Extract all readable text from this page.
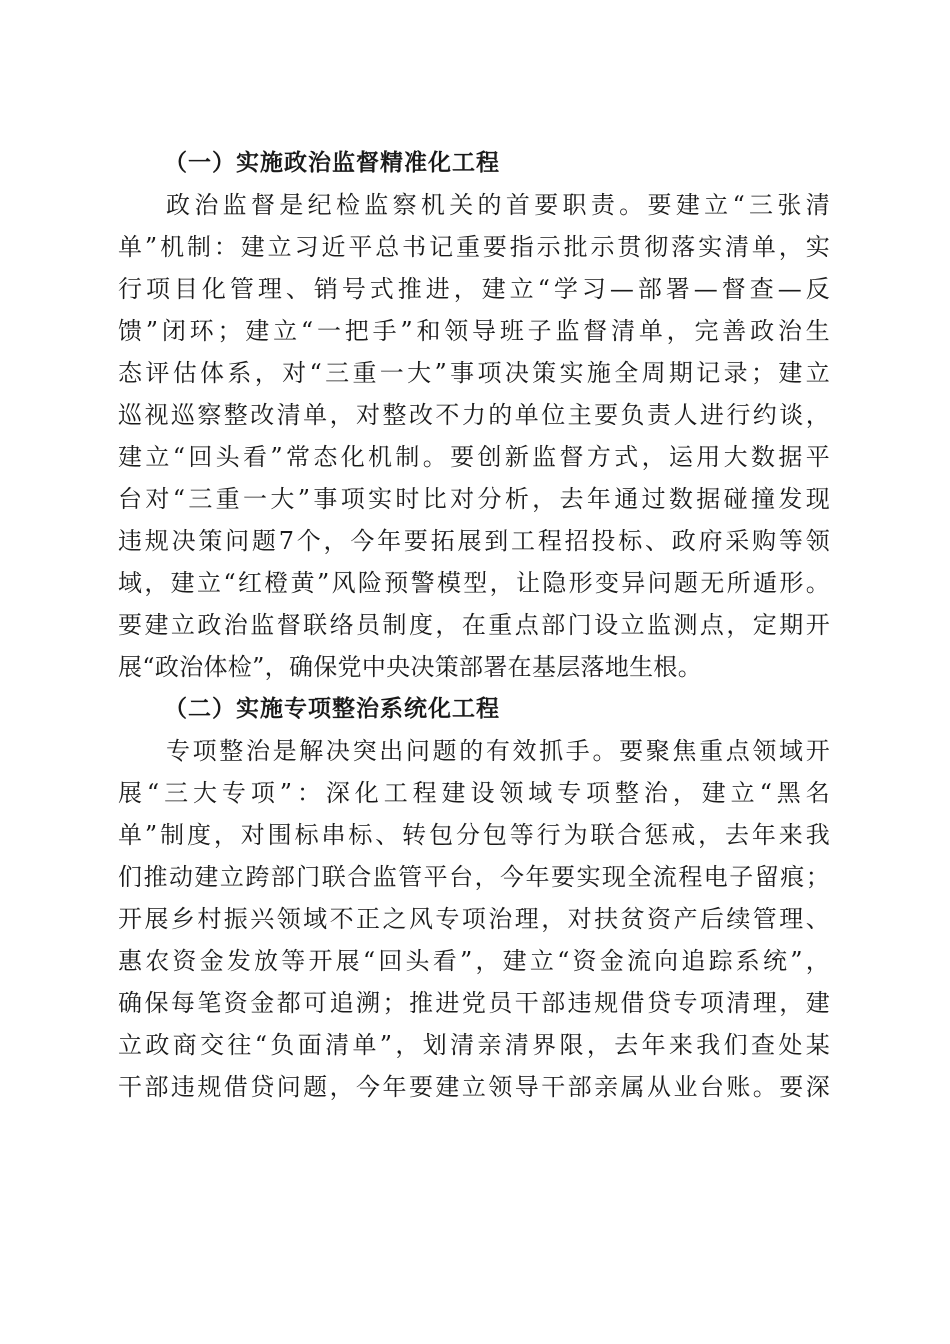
（一）实施政治监督精准化工程
政治监督是纪检监察机关的首要职责。要建立“三张清
单”机制：建立习近平总书记重要指示批示贯彻落实清单，实
行项目化管理、销号式推进，建立“学习—部署—督查—反
馈”闭环；建立“一把手”和领导班子监督清单，完善政治生
态评估体系，对“三重一大”事项决策实施全周期记录；建立
巡视巡察整改清单，对整改不力的单位主要负责人进行约谈，
建立“回头看”常态化机制。要创新监督方式，运用大数据平
台对“三重一大”事项实时比对分析，去年通过数据碰撞发现
违规决策问题7个，今年要拓展到工程招投标、政府采购等领
域，建立“红橙黄”风险预警模型，让隐形变异问题无所遁形。
要建立政治监督联络员制度，在重点部门设立监测点，定期开
展“政治体检”，确保党中央决策部署在基层落地生根。
（二）实施专项整治系统化工程
专项整治是解决突出问题的有效抓手。要聚焦重点领域开
展“三大专项”：深化工程建设领域专项整治，建立“黑名
单”制度，对围标串标、转包分包等行为联合惩戒，去年来我
们推动建立跨部门联合监管平台，今年要实现全流程电子留痕；
开展乡村振兴领域不正之风专项治理，对扶贫资产后续管理、
惠农资金发放等开展“回头看”，建立“资金流向追踪系统”，
确保每笔资金都可追溯；推进党员干部违规借贷专项清理，建
立政商交往“负面清单”，划清亲清界限，去年来我们查处某
干部违规借贷问题，今年要建立领导干部亲属从业台账。要深
